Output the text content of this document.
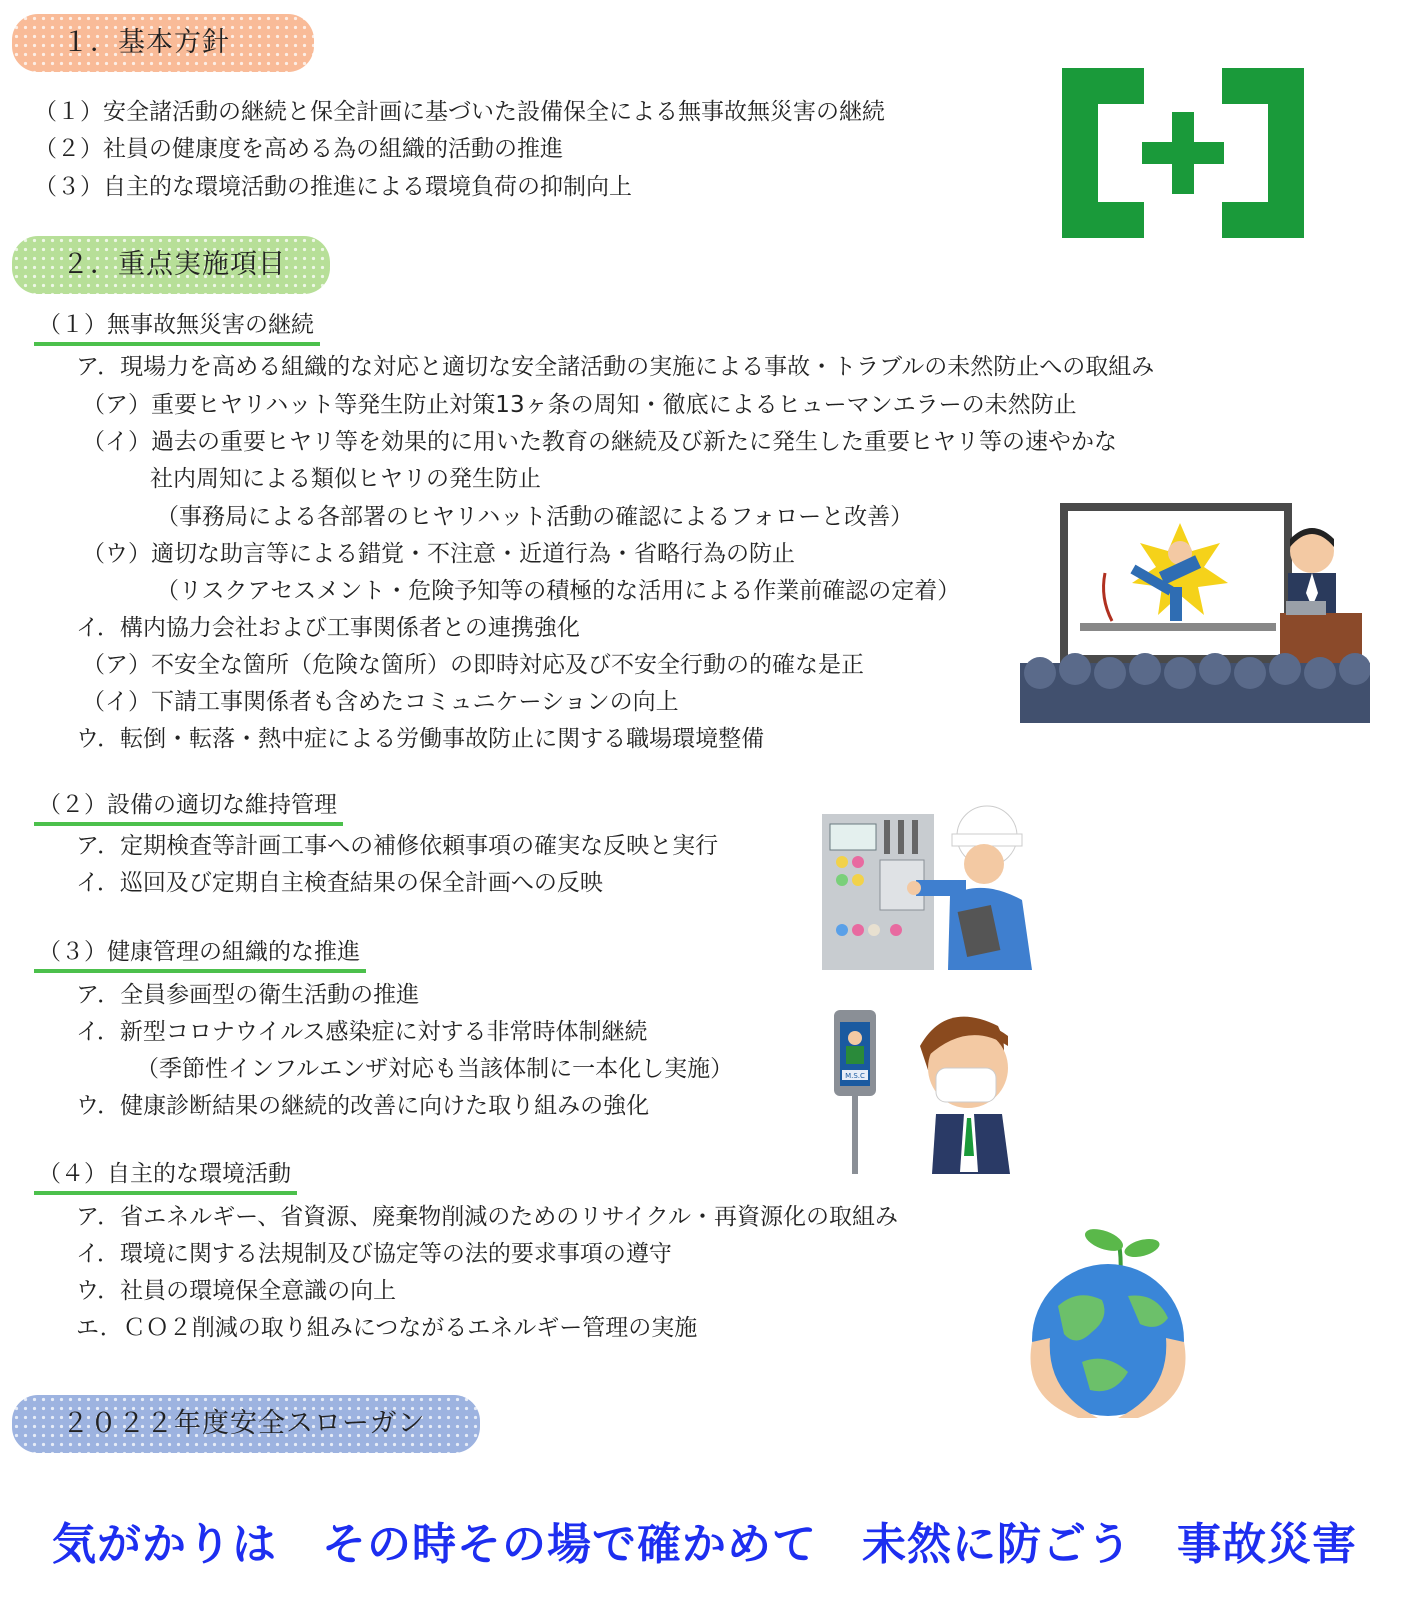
１．基本方針
（１）安全諸活動の継続と保全計画に基づいた設備保全による無事故無災害の継続
（２）社員の健康度を高める為の組織的活動の推進
（３）自主的な環境活動の推進による環境負荷の抑制向上
２．重点実施項目
（１）無事故無災害の継続
ア．現場力を高める組織的な対応と適切な安全諸活動の実施による事故・トラブルの未然防止への取組み
（ア）重要ヒヤリハット等発生防止対策13ヶ条の周知・徹底によるヒューマンエラーの未然防止
（イ）過去の重要ヒヤリ等を効果的に用いた教育の継続及び新たに発生した重要ヒヤリ等の速やかな
社内周知による類似ヒヤリの発生防止
（事務局による各部署のヒヤリハット活動の確認によるフォローと改善）
（ウ）適切な助言等による錯覚・不注意・近道行為・省略行為の防止
（リスクアセスメント・危険予知等の積極的な活用による作業前確認の定着）
イ．構内協力会社および工事関係者との連携強化
（ア）不安全な箇所（危険な箇所）の即時対応及び不安全行動の的確な是正
（イ）下請工事関係者も含めたコミュニケーションの向上
ウ．転倒・転落・熱中症による労働事故防止に関する職場環境整備
（２）設備の適切な維持管理
ア．定期検査等計画工事への補修依頼事項の確実な反映と実行
イ．巡回及び定期自主検査結果の保全計画への反映
（３）健康管理の組織的な推進
ア．全員参画型の衛生活動の推進
イ．新型コロナウイルス感染症に対する非常時体制継続
（季節性インフルエンザ対応も当該体制に一本化し実施）
ウ．健康診断結果の継続的改善に向けた取り組みの強化
M.S.C
（４）自主的な環境活動
ア．省エネルギー、省資源、廃棄物削減のためのリサイクル・再資源化の取組み
イ．環境に関する法規制及び協定等の法的要求事項の遵守
ウ．社員の環境保全意識の向上
エ．ＣＯ２削減の取り組みにつながるエネルギー管理の実施
２０２２年度安全スローガン
気がかりは　その時その場で確かめて　未然に防ごう　事故災害
